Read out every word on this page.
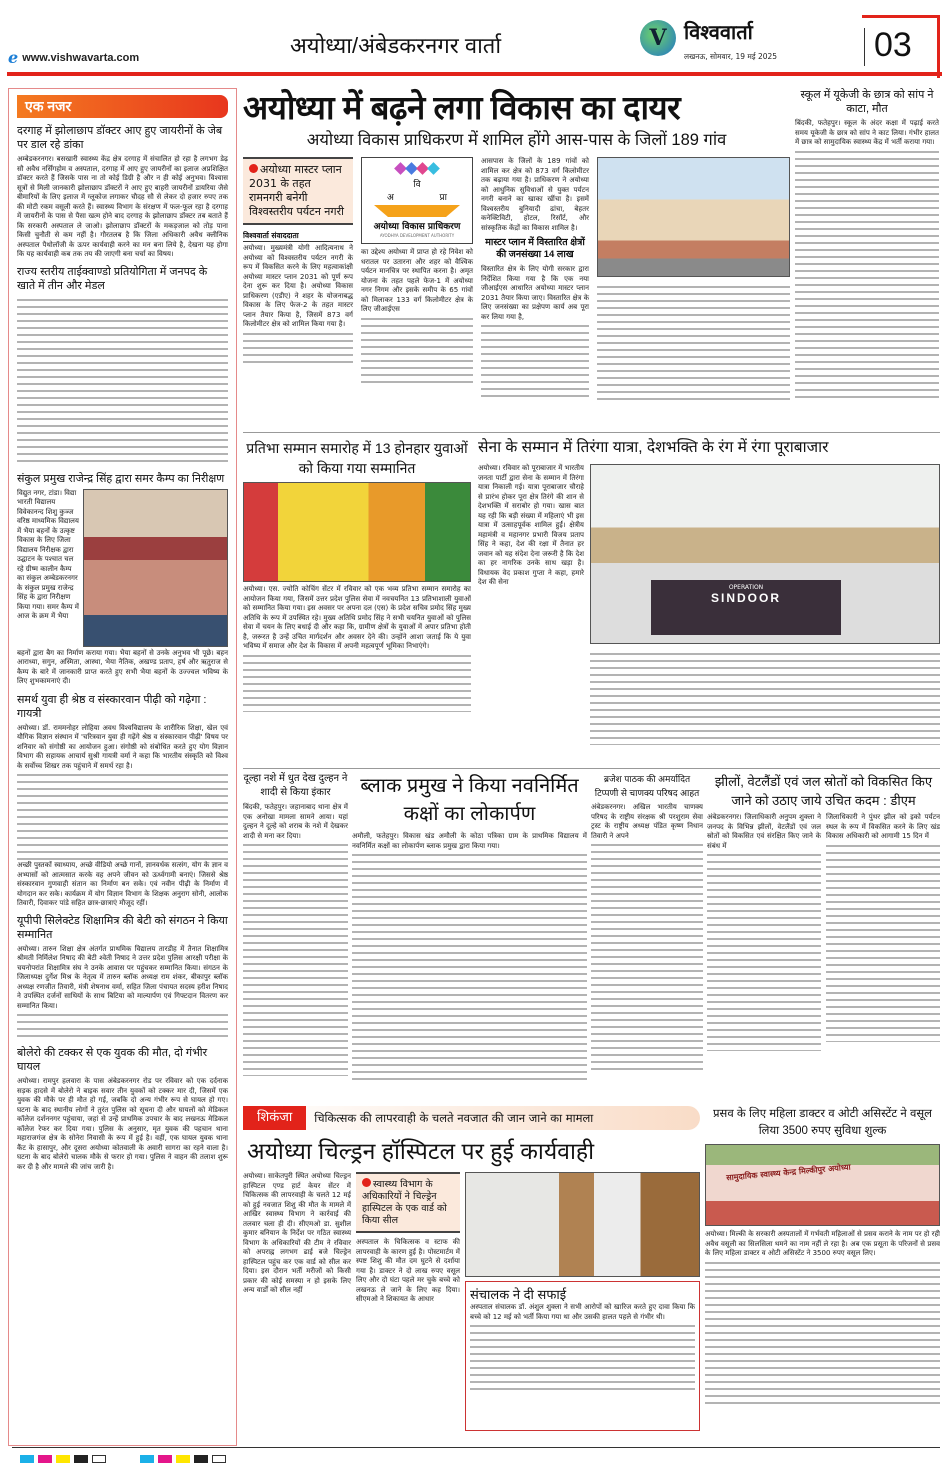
e www.vishwavarta.com	अयोध्या/अंबेडकरनगर वार्ता	V विश्ववार्ता
लखनऊ, सोमवार, 19 मई 2025	03
एक नजर
दरगाह में झोलाछाप डॉक्टर आए हुए जायरीनों के जेब पर डाल रहे डांका
अम्बेडकरनगर। बसखारी स्वास्थ्य केंद्र क्षेत्र दरगाह में संचालित हो रहा है लगभग डेढ़ सौ अवैध नर्सिंगहोम व अस्पताल, दरगाह में आए हुए जायरीनों का इलाज अप्रशिक्षित डॉक्टर करते हैं जिसके पास ना तो कोई डिग्री है और न ही कोई अनुभव। विश्वास सूत्रों से मिली जानकारी झोलाछाप डॉक्टरों ने आए हुए बाहरी जायरीनों डायरिया जैसे बीमारियों के लिए इलाज में ग्लूकोज लगाकर चौदह सौ से लेकर दो हजार रुपए तक की मोटी रकम वसूली करते हैं। स्वास्थ्य विभाग के संरक्षण में फल-फूल रहा है दरगाह में जायरीनों के पास से पैसा खत्म होने बाद दरगाह के झोलाछाप डॉक्टर तब बताते हैं कि सरकारी अस्पताल ले जाओ। झोलाछाप डॉक्टरों के मकड़जाल को तोड़ पाना किसी चुनौती से कम नहीं है। गौरतलब है कि जिला अधिकारी अवैध क्लीनिक अस्पताल पैथोलॉजी के ऊपर कार्यवाही करने का मन बना लिये है, देखना यह होगा कि यह कार्यवाही कब तक तय की जाएगी बना चर्चा का विषय।
राज्य स्तरीय ताईक्वाण्डो प्रतियोगिता में जनपद के खाते में तीन और मेडल
संकुल प्रमुख राजेन्द्र सिंह द्वारा समर कैम्प का निरीक्षण
विद्युत नगर, टांडा। विद्या भारती विद्यालय विवेकानन्द शिशु कुञ्ज वरिष्ठ माध्यमिक विद्यालय में भैया बहनों के उत्कृष्ट विकास के लिए जिला विद्यालय निरीक्षक द्वारा उद्घाटन के पश्चात चल रहे ग्रीष्म कालीन कैम्प का संकुल अम्बेडकरनगर के संकुल प्रमुख राजेन्द्र सिंह के द्वारा निरीक्षण किया गया। समर कैम्प में आज के क्रम में भैया
बहनों द्वारा बैग का निर्माण कराया गया। भैया बहनों से उनके अनुभव भी पूछे। बहन आराध्या, सगुन, अस्मिता, आस्था, भैया नैतिक, अखण्ड प्रताप, हर्ष और ऋतुराज से कैम्प के बारे में जानकारी प्राप्त करते हुए सभी भैया बहनों के उज्ज्वल भविष्य के लिए शुभकामनाएं दी।
समर्थ युवा ही श्रेष्ठ व संस्कारवान पीढ़ी को गढ़ेगा : गायत्री
अयोध्या। डॉ. राममनोहर लोहिया अवध विश्वविद्यालय के शारीरिक शिक्षा, खेल एवं यौगिक विज्ञान संस्थान में 'चरित्रवान युवा ही गढ़ेंगे श्रेष्ठ व संस्कारवान पीढ़ी' विषय पर शनिवार को संगोष्ठी का आयोजन हुआ। संगोष्ठी को संबोधित करते हुए योग विज्ञान विभाग की सहायक आचार्य सुश्री गायत्री वर्मा ने कहा कि भारतीय संस्कृति को विश्व के सर्वोच्च शिखर तक पहुंचाने में समर्थ रहा है।
अच्छी पुस्तकों स्वाध्याय, अच्छे वीडियो अच्छे गानों, ज्ञानवर्धक सत्संग, योग के ज्ञान व अभ्यासों को आत्मसात करके वह अपने जीवन को ऊर्ध्वगामी बनाएं। जिससे श्रेष्ठ संस्कारवान गुणवाही संतान का निर्माण बन सके। एवं नवीन पीढ़ी के निर्माण में योगदान कर सके। कार्यक्रम में योग विज्ञान विभाग के शिक्षक अनुराग सोनी, आलोक तिवारी, दिवाकर पांडे सहित छात्र-छात्राएं मौजूद रहीं।
यूपीपी सिलेक्टेड शिक्षामित्र की बेटी को संगठन ने किया सम्मानित
अयोध्या। तारुन शिक्षा क्षेत्र अंतर्गत प्राथमिक विद्यालय तारडीह में तैनात शिक्षामित्र श्रीमती निर्मिलेश निषाद की बेटी श्वेती निषाद ने उत्तर प्रदेश पुलिस आरक्षी परीक्षा के चयनोपरांत शिक्षामित्र संघ ने उनके आवास पर पहुंचकर सम्मानित किया। संगठन के जिलाध्यक्ष दुर्गेश मिश्र के नेतृत्व में तारुन ब्लॉक अध्यक्ष राम शंकर, बीकापुर ब्लॉक अध्यक्ष रणजीत तिवारी, मंत्री शेषनाथ वर्मा, सहित जिला पंचायत सदस्य हरीश निषाद ने उपस्थित दर्जनों साथियों के साथ बिटिया को माल्यार्पण एवं गिफ्टदान वितरण कर सम्मानित किया।
बोलेरो की टक्कर से एक युवक की मौत, दो गंभीर घायल
अयोध्या। रामपुर हलवारा के पास अंबेडकरनगर रोड पर रविवार को एक दर्दनाक सड़क हादसे में बोलेरो ने बाइक सवार तीन युवकों को टक्कर मार दी, जिसमें एक युवक की मौके पर ही मौत हो गई, जबकि दो अन्य गंभीर रूप से घायल हो गए। घटना के बाद स्थानीय लोगों ने तुरंत पुलिस को सूचना दी और घायलों को मेडिकल कॉलेज दर्शननगर पहुंचाया, जहां से उन्हें प्राथमिक उपचार के बाद लखनऊ मेडिकल कॉलेज रेफर कर दिया गया। पुलिस के अनुसार, मृत युवक की पहचान थाना महाराजगंज क्षेत्र के सोनेरा निवासी के रूप में हुई है। वहीं, एक घायल युवक थाना कैंट के हासापुर, और दूसरा अयोध्या कोतवाली के अवारी सागरा का रहने वाला है। घटना के बाद बोलेरो चालक मौके से फरार हो गया। पुलिस ने वाहन की तलाश शुरू कर दी है और मामले की जांच जारी है।
अयोध्या में बढ़ने लगा विकास का दायर
अयोध्या विकास प्राधिकरण में शामिल होंगे आस-पास के जिलों 189 गांव
अयोध्या मास्टर प्लान 2031 के तहत रामनगरी बनेगी विश्वस्तरीय पर्यटन नगरी
विश्ववार्ता संवाददाता
अयोध्या। मुख्यमंत्री योगी आदित्यनाथ ने अयोध्या को विश्वस्तरीय पर्यटन नगरी के रूप में विकसित करने के लिए महत्वाकांक्षी अयोध्या मास्टर प्लान 2031 को पूर्ण रूप देना शुरू कर दिया है। अयोध्या विकास प्राधिकरण (एडीए) ने शहर के योजनाबद्ध विकास के लिए फेज-2 के तहत मास्टर प्लान तैयार किया है, जिसमें 873 वर्ग किलोमीटर क्षेत्र को शामिल किया गया है।
वि
अ	प्रा
अयोध्या विकास प्राधिकरण
AYODHYA DEVELOPMENT AUTHORITY
का उद्देश्य अयोध्या में प्राप्त हो रहे निवेश को धरातल पर उतारना और शहर को वैश्विक पर्यटन मानचित्र पर स्थापित करना है। अमृत योजना के तहत पहले फेज-1 में अयोध्या नगर निगम और इसके समीप के 65 गांवों को मिलाकर 133 वर्ग किलोमीटर क्षेत्र के लिए जीआईएस
आसपास के जिलों के 189 गांवों को शामिल कर क्षेत्र को 873 वर्ग किलोमीटर तक बढ़ाया गया है। प्राधिकरण ने अयोध्या को आधुनिक सुविधाओं से युक्त पर्यटन नगरी बनाने का खाका खींचा है। इसमें विश्वस्तरीय बुनियादी ढांचा, बेहतर कनेक्टिविटी, होटल, रिसॉर्ट, और सांस्कृतिक केंद्रों का विकास शामिल है।
मास्टर प्लान में विस्तारित क्षेत्रों की जनसंख्या 14 लाख
विस्तारित क्षेत्र के लिए योगी सरकार द्वारा निर्देशित किया गया है कि एक नया जीआईएस आधारित अयोध्या मास्टर प्लान 2031 तैयार किया जाए। विस्तारित क्षेत्र के लिए जनसंख्या का प्रक्षेपण कार्य अब पूरा कर लिया गया है,
स्कूल में यूकेजी के छात्र को सांप ने काटा, मौत
बिंदकी, फतेहपुर। स्कूल के अंदर कक्षा में पढ़ाई करते समय यूकेजी के छात्र को सांप ने काट लिया। गंभीर हालत में छात्र को सामुदायिक स्वास्थ्य केंद्र में भर्ती कराया गया।
प्रतिभा सम्मान समारोह में 13 होनहार युवाओं को किया गया सम्मानित
अयोध्या। एस. ज्योति कोचिंग सेंटर में रविवार को एक भव्य प्रतिभा सम्मान समारोह का आयोजन किया गया, जिसमें उत्तर प्रदेश पुलिस सेवा में नवचयनित 13 प्रतिभाशाली युवाओं को सम्मानित किया गया। इस अवसर पर अपना दल (एस) के प्रदेश सचिव प्रमोद सिंह मुख्य अतिथि के रूप में उपस्थित रहे। मुख्य अतिथि प्रमोद सिंह ने सभी चयनित युवाओं को पुलिस सेवा में चयन के लिए बधाई दी और कहा कि, ग्रामीण क्षेत्रों के युवाओं में अपार प्रतिभा होती है, जरूरत है उन्हें उचित मार्गदर्शन और अवसर देने की। उन्होंने आशा जताई कि ये युवा भविष्य में समाज और देश के विकास में अपनी महत्वपूर्ण भूमिका निभाएंगे।
सेना के सम्मान में तिरंगा यात्रा, देशभक्ति के रंग में रंगा पूराबाजार
अयोध्या। रविवार को पूराबाजार में भारतीय जनता पार्टी द्वारा सेना के सम्मान में तिरंगा यात्रा निकाली गई। यात्रा पूराबाजार चौराहे से प्रारंभ होकर पूरा क्षेत्र तिरंगे की शान से देशभक्ति में सराबोर हो गया। खास बात यह रही कि बड़ी संख्या में महिलाएं भी इस यात्रा में उत्साहपूर्वक शामिल हुईं। क्षेत्रीय महामंत्री व महानगर प्रभारी विजय प्रताप सिंह ने कहा, देश की रक्षा में तैनात हर जवान को यह संदेश देना जरूरी है कि देश का हर नागरिक उनके साथ खड़ा है। विधायक वेद प्रकाश गुप्ता ने कहा, हमारे देश की सेना
OPERATION
SINDOOR
दूल्हा नशे में धुत देख दुल्हन ने शादी से किया इंकार
बिंदकी, फतेहपुर। जहानाबाद थाना क्षेत्र में एक अनोखा मामला सामने आया। यहां दुल्हन ने दूल्हे को शराब के नशे में देखकर शादी से मना कर दिया।
ब्लाक प्रमुख ने किया नवनिर्मित कक्षों का लोकार्पण
अमौली, फतेहपुर। विकास खंड अमौली के कोठा पत्रिका ग्राम के प्राथमिक विद्यालय में नवनिर्मित कक्षों का लोकार्पण ब्लाक प्रमुख द्वारा किया गया।
ब्रजेश पाठक की अमर्यादित टिप्पणी से चाणक्य परिषद आहत
अंबेडकरनगर। अखिल भारतीय चाणक्य परिषद के राष्ट्रीय संरक्षक श्री परशुराम सेवा ट्रस्ट के राष्ट्रीय अध्यक्ष पंडित कृष्ण निधान तिवारी ने अपने
झीलों, वेटलैंडों एवं जल स्रोतों को विकसित किए जाने को उठाए जाये उचित कदम : डीएम
अंबेडकरनगर। जिलाधिकारी अनुपम शुक्ला ने जनपद के विभिन्न झीलों, वेटलैंडों एवं जल स्रोतों को विकसित एवं संरक्षित किए जाने के संबंध में
जिलाधिकारी ने पुंथर झील को इको पर्यटन स्थल के रूप में विकसित करने के लिए खंड विकास अधिकारी को आगामी 15 दिन में
शिकंजा	चिकित्सक की लापरवाही के चलते नवजात की जान जाने का मामला
अयोध्या चिल्ड्रन हॉस्पिटल पर हुई कार्यवाही
अयोध्या। साकेतपुरी स्थित अयोध्या चिल्ड्रन हास्पिटल एण्ड हार्ट केयर सेंटर में चिकित्सक की लापरवाही के चलते 12 मई को हुई नवजात शिशु की मौत के मामले में आखिर स्वास्थ्य विभाग ने कार्रवाई की तलवार चला ही दी। सीएमओ डा. सुशील कुमार बनियान के निर्देश पर गठित स्वास्थ्य विभाग के अधिकारियों की टीम ने रविवार को अपराह्न लगभग ढाई बजे चिल्ड्रेन हास्पिटल पहुंच कर एक वार्ड को सील कर दिया। इस दौरान भर्ती मरीजों को किसी प्रकार की कोई समस्या न हो इसके लिए अन्य वार्डों को सील नहीं
स्वास्थ्य विभाग के अधिकारियों ने चिल्ड्रेन हास्पिटल के एक वार्ड को किया सील
अस्पताल के चिकित्सक व स्टाफ की लापरवाही के कारण हुई है। पोस्टमार्टम में स्पष्ट शिशु की मौत दम घुटने से दर्शाया गया है। डाक्टर ने दो लाख रुपए वसूल लिए और दो घंटा पहले मर चुके बच्चे को लखनऊ ले जाने के लिए कह दिया। सीएमओ ने शिकायत के आधार	संचालक ने दी सफाई
अस्पताल संचालक डॉ. अंशुल शुक्ला ने सभी आरोपों को खारिज करते हुए दावा किया कि बच्चे को 12 मई को भर्ती किया गया था और उसकी हालत पहले से गंभीर थी।
प्रसव के लिए महिला डाक्टर व ओटी असिस्टेंट ने वसूल लिया 3500 रुपए सुविधा शुल्क
सामुदायिक स्वास्थ्य केन्द्र मिल्कीपुर अयोध्या
अयोध्या। मिल्की के सरकारी अस्पतालों में गर्भवती महिलाओं से प्रसव कराने के नाम पर हो रही अवैध वसूली का सिलसिला थमने का नाम नहीं ले रहा है। अब एक प्रसूता के परिजनों से प्रसव के लिए महिला डाक्टर व ओटी असिस्टेंट ने 3500 रुपए वसूल लिए।
